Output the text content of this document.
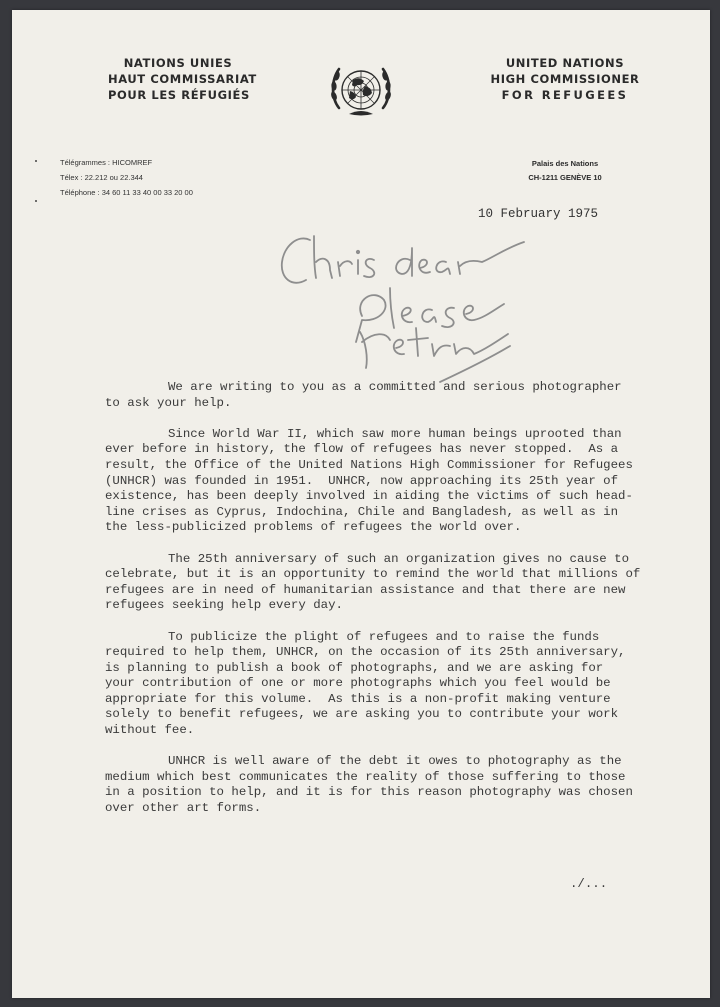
NATIONS UNIES
HAUT COMMISSARIAT
POUR LES RÉFUGIÉS
UNITED NATIONS
HIGH COMMISSIONER
FOR REFUGEES
Télégrammes : HICOMREF
Télex : 22.212 ou 22.344
Téléphone : 34 60 11 33 40 00 33 20 00
Palais des Nations
CH-1211 GENÈVE 10
10 February 1975
We are writing to you as a committed and serious photographer
to ask your help.
Since World War II, which saw more human beings uprooted than
ever before in history, the flow of refugees has never stopped.  As a
result, the Office of the United Nations High Commissioner for Refugees
(UNHCR) was founded in 1951.  UNHCR, now approaching its 25th year of
existence, has been deeply involved in aiding the victims of such head-
line crises as Cyprus, Indochina, Chile and Bangladesh, as well as in
the less-publicized problems of refugees the world over.
The 25th anniversary of such an organization gives no cause to
celebrate, but it is an opportunity to remind the world that millions of
refugees are in need of humanitarian assistance and that there are new
refugees seeking help every day.
To publicize the plight of refugees and to raise the funds
required to help them, UNHCR, on the occasion of its 25th anniversary,
is planning to publish a book of photographs, and we are asking for
your contribution of one or more photographs which you feel would be
appropriate for this volume.  As this is a non-profit making venture
solely to benefit refugees, we are asking you to contribute your work
without fee.
UNHCR is well aware of the debt it owes to photography as the
medium which best communicates the reality of those suffering to those
in a position to help, and it is for this reason photography was chosen
over other art forms.
./...
